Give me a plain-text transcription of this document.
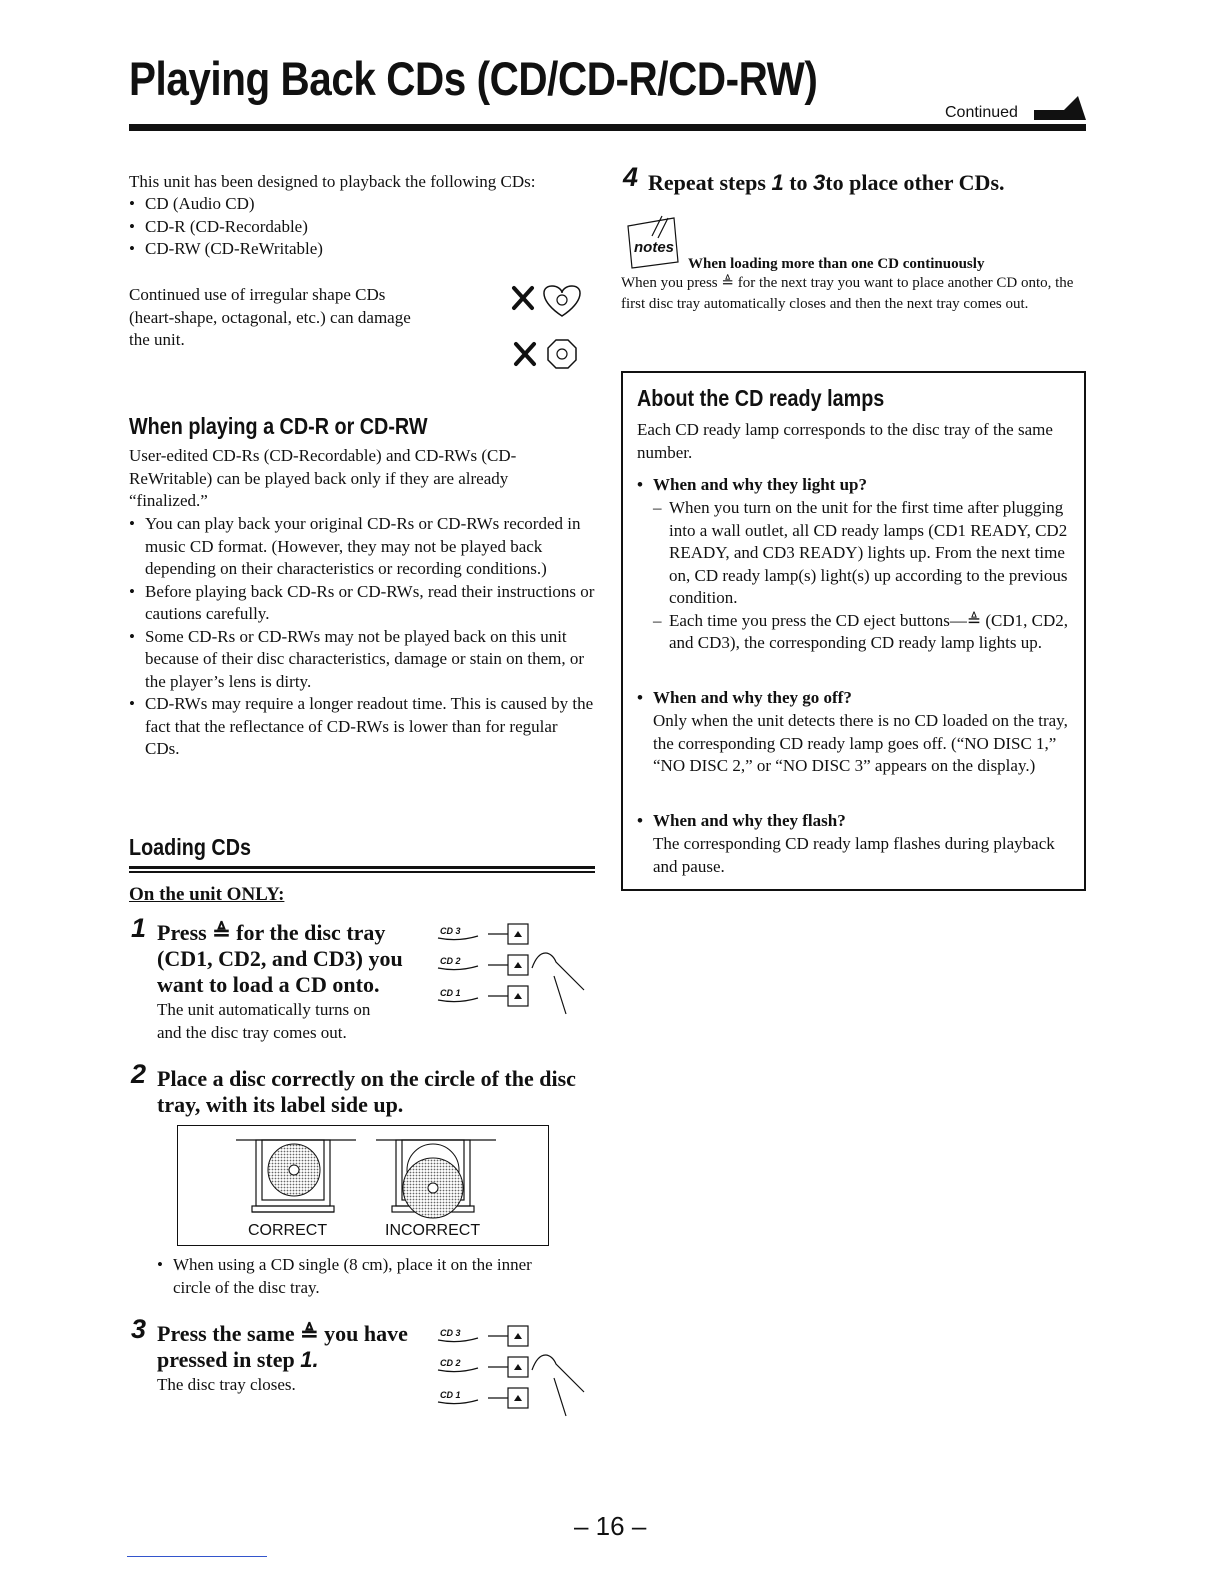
Playing Back CDs (CD/CD-R/CD-RW)
Continued
This unit has been designed to playback the following CDs:
• CD (Audio CD)
• CD-R (CD-Recordable)
• CD-RW (CD-ReWritable)
Continued use of irregular shape CDs
(heart-shape, octagonal, etc.) can damage
the unit.
When playing a CD-R or CD-RW
User-edited CD-Rs (CD-Recordable) and CD-RWs (CD-ReWritable) can be played back only if they are already “finalized.”
• You can play back your original CD-Rs or CD-RWs recorded in music CD format. (However, they may not be played back depending on their characteristics or recording conditions.)
• Before playing back CD-Rs or CD-RWs, read their instructions or cautions carefully.
• Some CD-Rs or CD-RWs may not be played back on this unit because of their disc characteristics, damage or stain on them, or the player’s lens is dirty.
• CD-RWs may require a longer readout time. This is caused by the fact that the reflectance of CD-RWs is lower than for regular CDs.
Loading CDs
On the unit ONLY:
1 Press ≜ for the disc tray
(CD1, CD2, and CD3) you
want to load a CD onto.
The unit automatically turns on
and the disc tray comes out.
CD 3
CD 2
CD 1
2 Place a disc correctly on the circle of the disc
tray, with its label side up.
CORRECT	INCORRECT
• When using a CD single (8 cm), place it on the inner
circle of the disc tray.
3 Press the same ≜ you have
pressed in step 1.
The disc tray closes.
CD 3
CD 2
CD 1
4 Repeat steps 1 to 3to place other CDs.
notes
When loading more than one CD continuously
When you press ≜ for the next tray you want to place another CD onto, the first disc tray automatically closes and then the next tray comes out.
About the CD ready lamps
Each CD ready lamp corresponds to the disc tray of the same number.
• When and why they light up?
– When you turn on the unit for the first time after plugging into a wall outlet, all CD ready lamps (CD1 READY, CD2 READY, and CD3 READY) lights up. From the next time on, CD ready lamp(s) light(s) up according to the previous condition.
– Each time you press the CD eject buttons—≜ (CD1, CD2, and CD3), the corresponding CD ready lamp lights up.
• When and why they go off?
Only when the unit detects there is no CD loaded on the tray, the corresponding CD ready lamp goes off. (“NO DISC 1,” “NO DISC 2,” or “NO DISC 3” appears on the display.)
• When and why they flash?
The corresponding CD ready lamp flashes during playback and pause.
– 16 –
